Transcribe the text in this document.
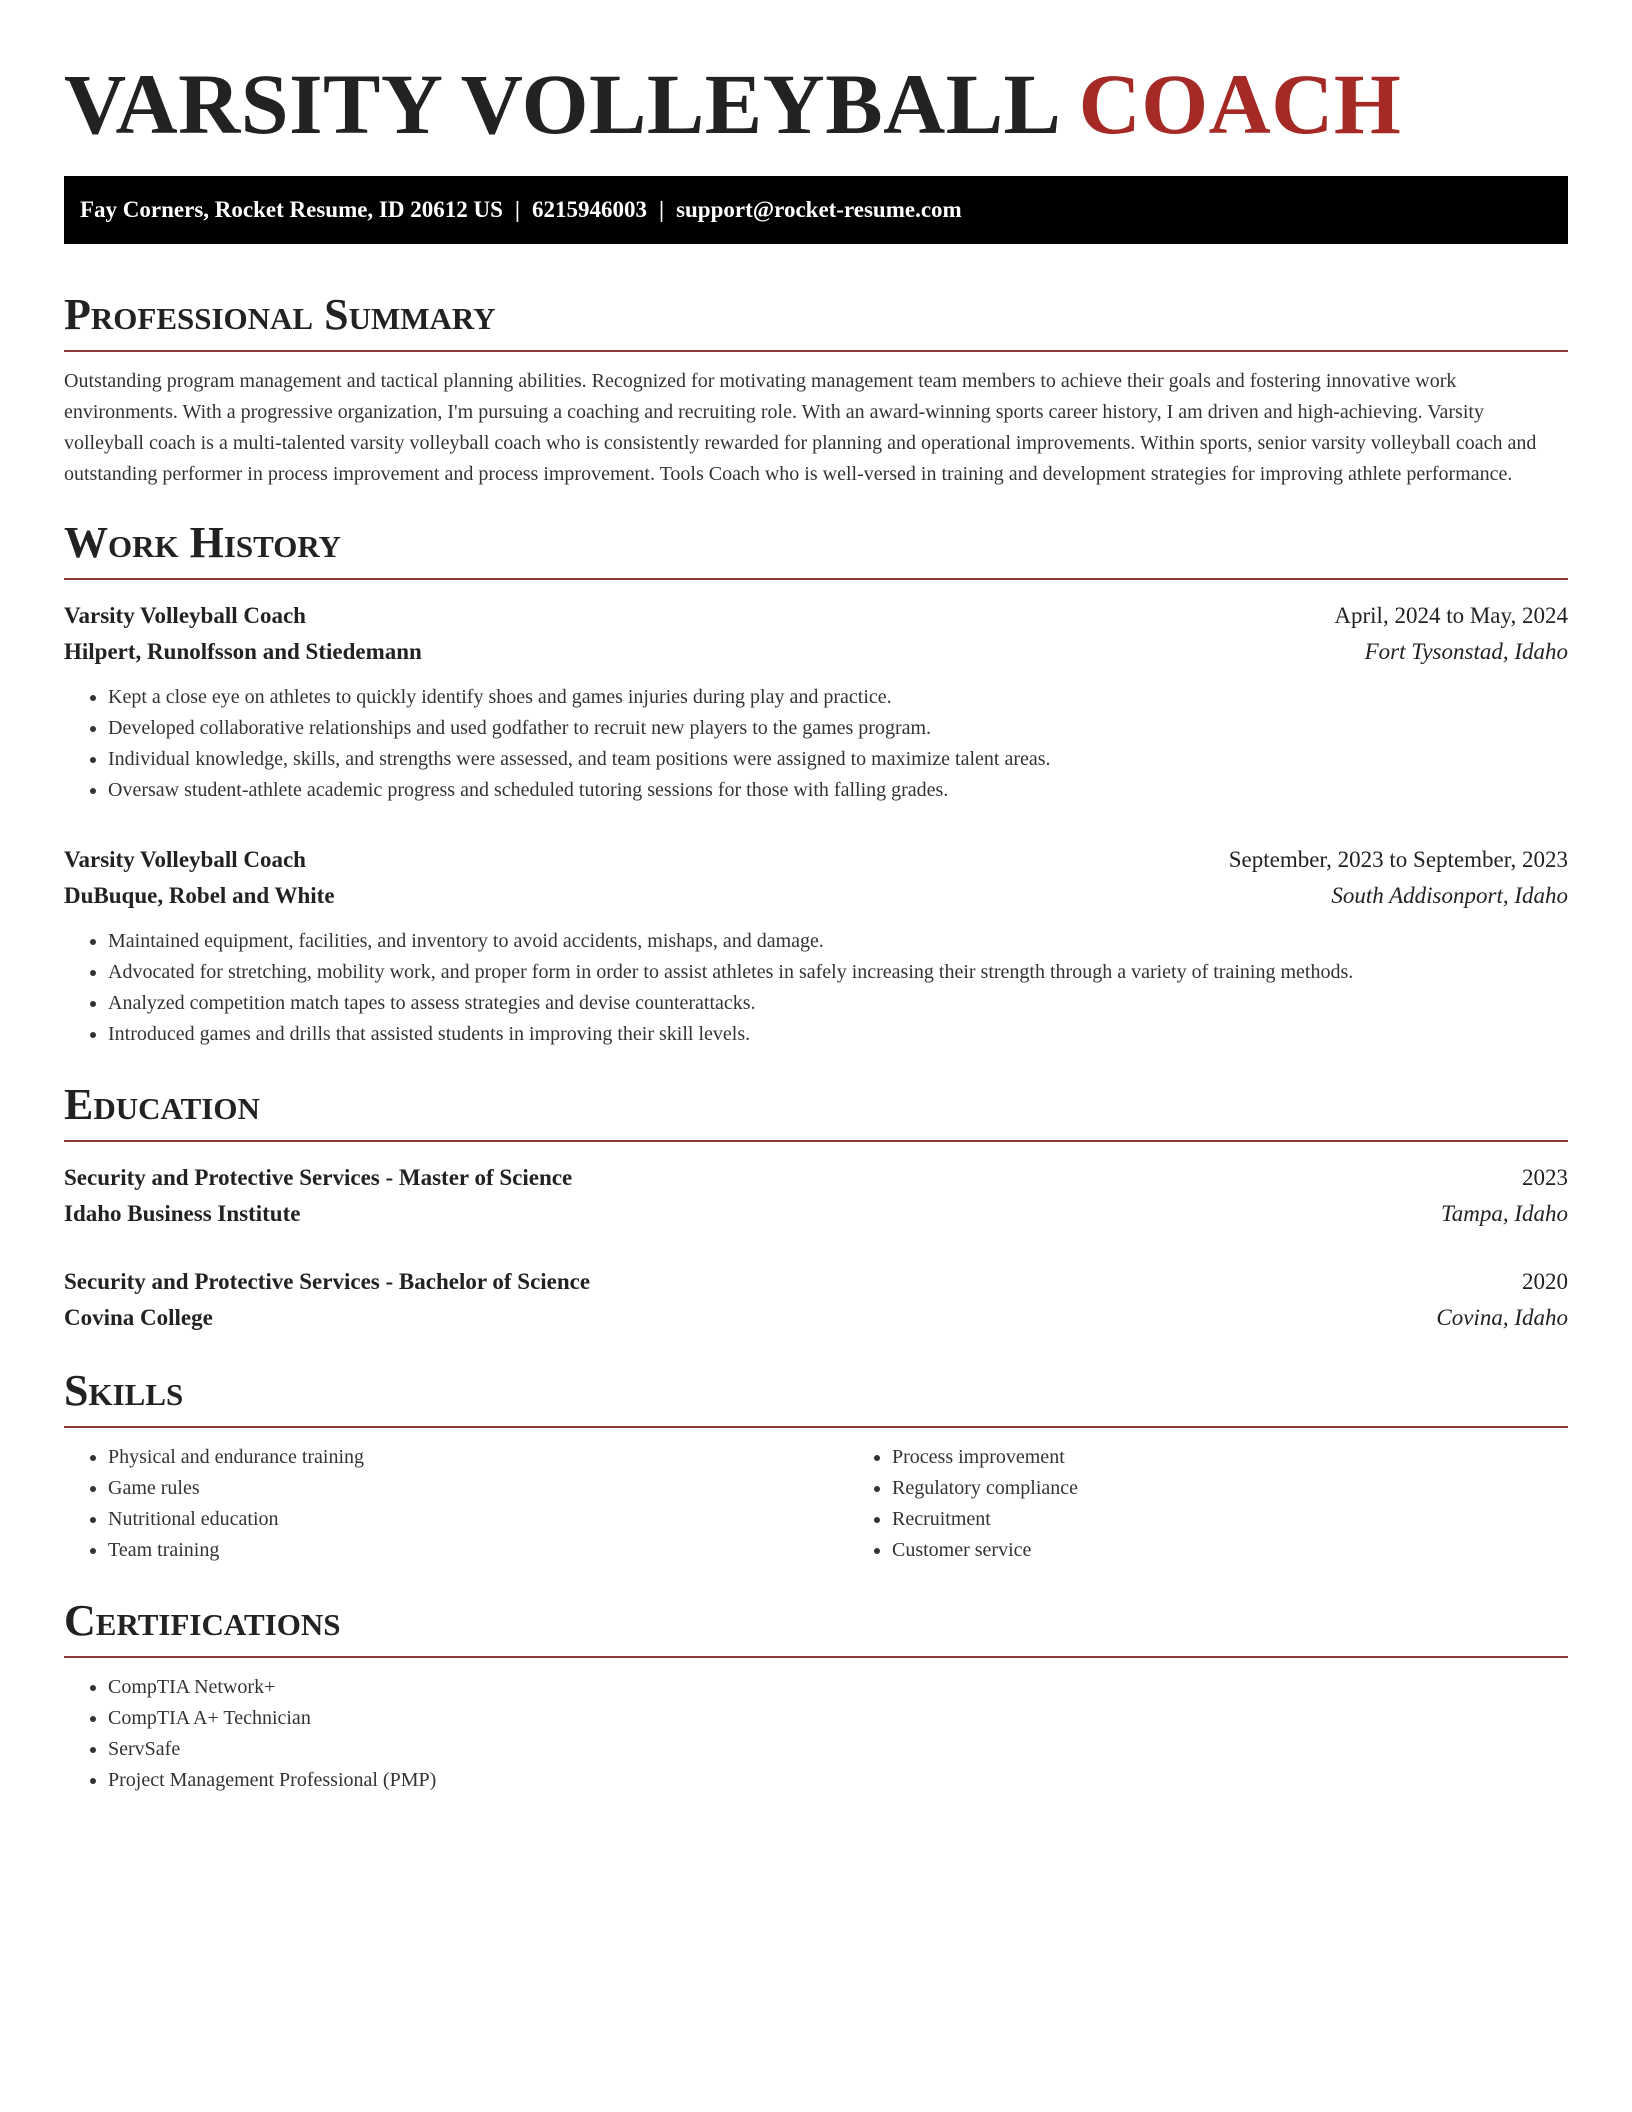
VARSITY VOLLEYBALL COACH
Fay Corners, Rocket Resume, ID 20612 US | 6215946003 | support@rocket-resume.com
Professional Summary
Outstanding program management and tactical planning abilities. Recognized for motivating management team members to achieve their goals and fostering innovative work environments. With a progressive organization, I'm pursuing a coaching and recruiting role. With an award-winning sports career history, I am driven and high-achieving. Varsity volleyball coach is a multi-talented varsity volleyball coach who is consistently rewarded for planning and operational improvements. Within sports, senior varsity volleyball coach and outstanding performer in process improvement and process improvement. Tools Coach who is well-versed in training and development strategies for improving athlete performance.
Work History
Varsity Volleyball Coach	April, 2024 to May, 2024
Hilpert, Runolfsson and Stiedemann	Fort Tysonstad, Idaho
• Kept a close eye on athletes to quickly identify shoes and games injuries during play and practice.
• Developed collaborative relationships and used godfather to recruit new players to the games program.
• Individual knowledge, skills, and strengths were assessed, and team positions were assigned to maximize talent areas.
• Oversaw student-athlete academic progress and scheduled tutoring sessions for those with falling grades.
Varsity Volleyball Coach	September, 2023 to September, 2023
DuBuque, Robel and White	South Addisonport, Idaho
• Maintained equipment, facilities, and inventory to avoid accidents, mishaps, and damage.
• Advocated for stretching, mobility work, and proper form in order to assist athletes in safely increasing their strength through a variety of training methods.
• Analyzed competition match tapes to assess strategies and devise counterattacks.
• Introduced games and drills that assisted students in improving their skill levels.
Education
Security and Protective Services - Master of Science	2023
Idaho Business Institute	Tampa, Idaho
Security and Protective Services - Bachelor of Science	2020
Covina College	Covina, Idaho
Skills
• Physical and endurance training
• Game rules
• Nutritional education
• Team training
• Process improvement
• Regulatory compliance
• Recruitment
• Customer service
Certifications
• CompTIA Network+
• CompTIA A+ Technician
• ServSafe
• Project Management Professional (PMP)
